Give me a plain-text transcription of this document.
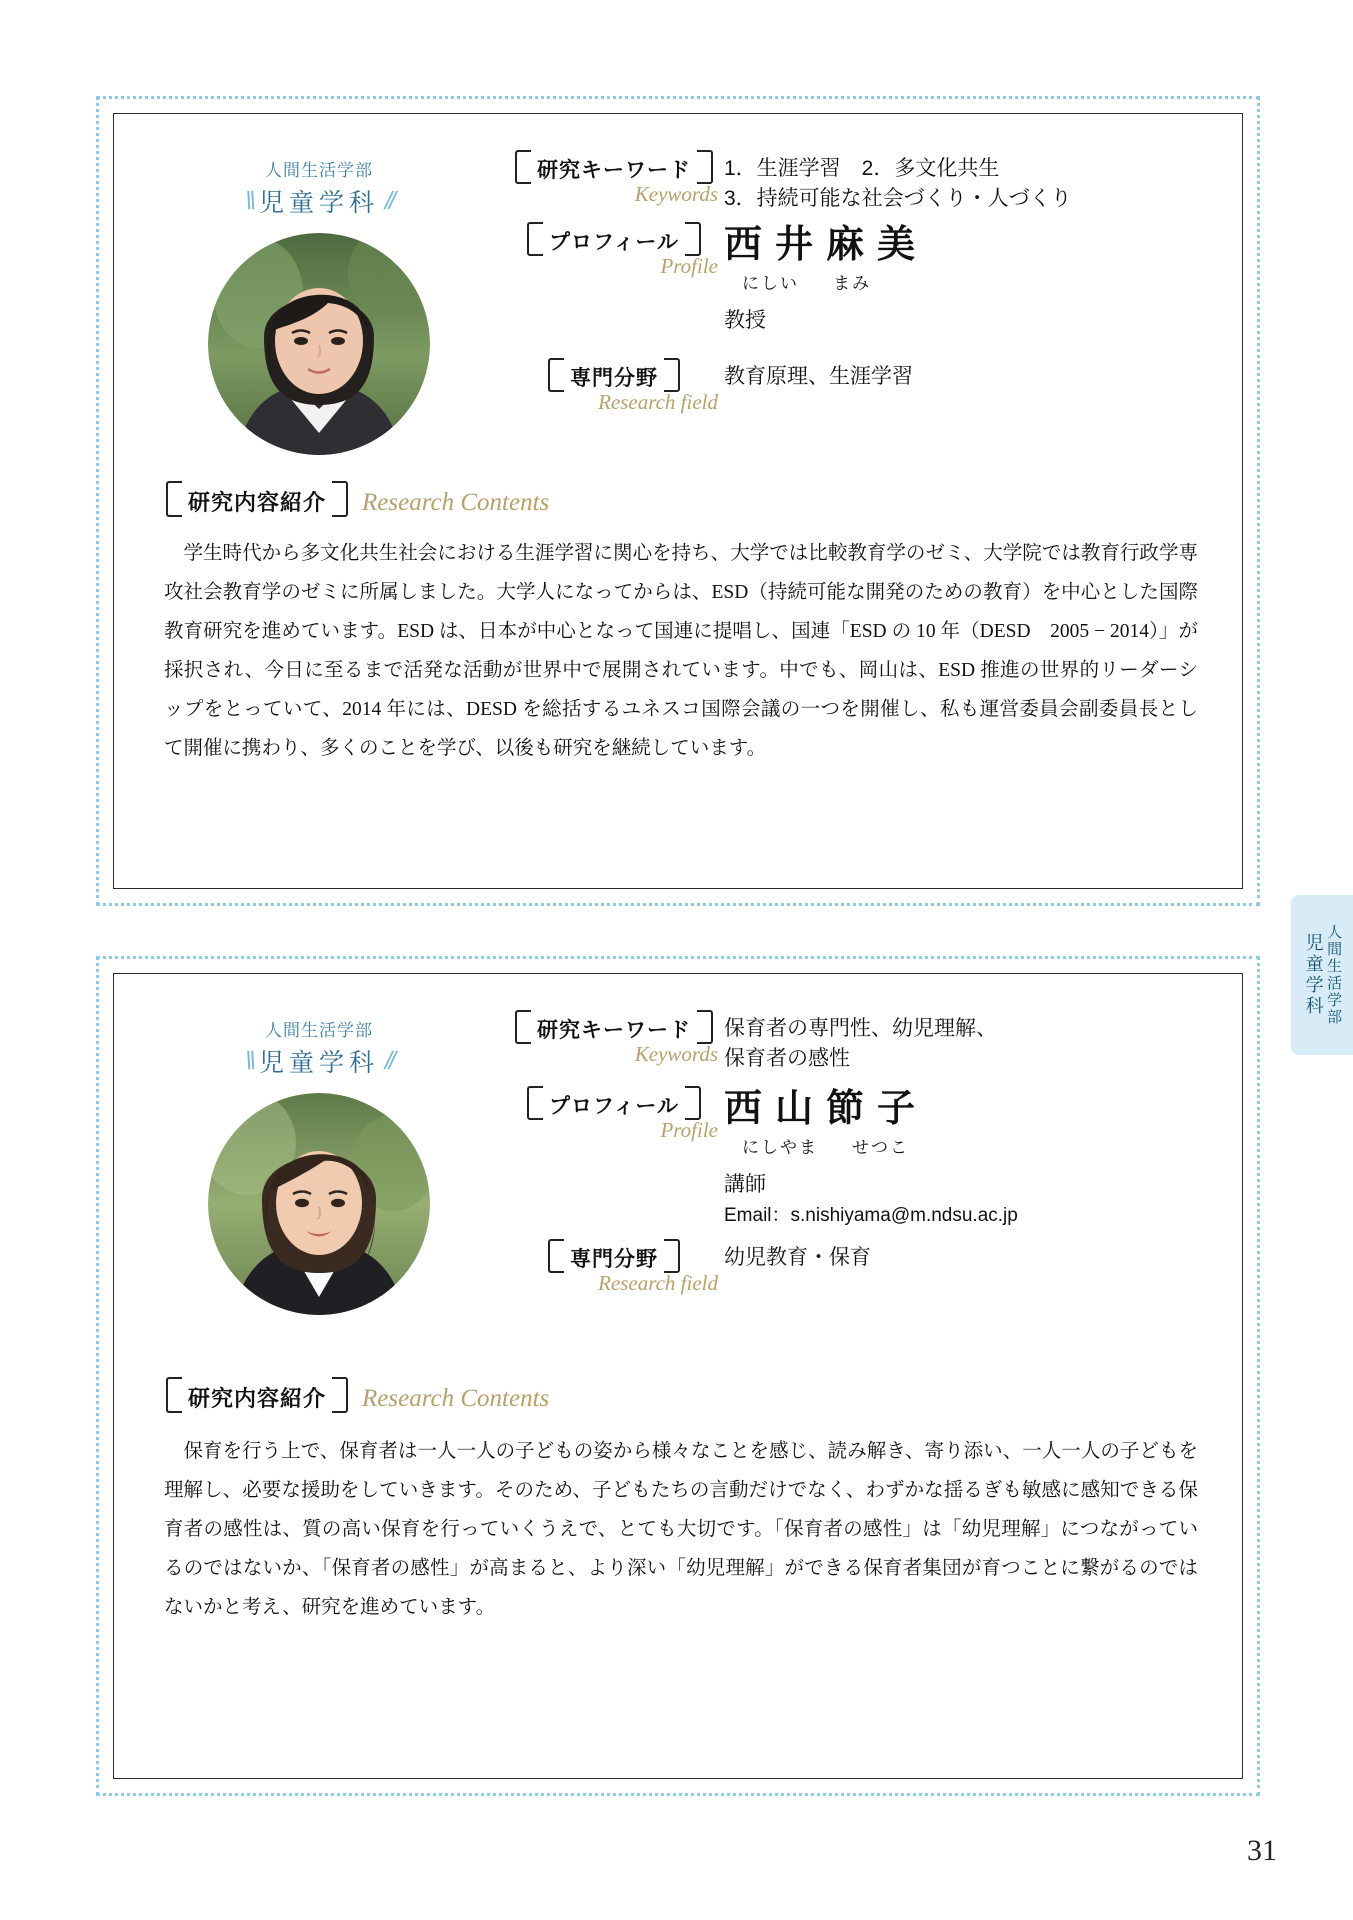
人間生活学部
\\ 児童学科 //
研究キーワード
Keywords
1．生涯学習　2．多文化共生
3．持続可能な社会づくり・人づくり
プロフィール
Profile 西井麻美
にしい まみ
教授
専門分野
Research field
教育原理、生涯学習
研究内容紹介	Research Contents
学生時代から多文化共生社会における生涯学習に関心を持ち、大学では比較教育学のゼミ、大学院では教育行政学専攻社会教育学のゼミに所属しました。大学人になってからは、ESD（持続可能な開発のための教育）を中心とした国際教育研究を進めています。ESD は、日本が中心となって国連に提唱し、国連「ESD の 10 年（DESD　2005 − 2014）」が採択され、今日に至るまで活発な活動が世界中で展開されています。中でも、岡山は、ESD 推進の世界的リーダーシップをとっていて、2014 年には、DESD を総括するユネスコ国際会議の一つを開催し、私も運営委員会副委員長として開催に携わり、多くのことを学び、以後も研究を継続しています。
人間生活学部
\\ 児童学科 //
研究キーワード
Keywords
保育者の専門性、幼児理解、
保育者の感性
プロフィール
Profile 西山節子
にしやま せつこ
講師
Email：s.nishiyama@m.ndsu.ac.jp
専門分野
Research field
幼児教育・保育
研究内容紹介	Research Contents
保育を行う上で、保育者は一人一人の子どもの姿から様々なことを感じ、読み解き、寄り添い、一人一人の子どもを理解し、必要な援助をしていきます。そのため、子どもたちの言動だけでなく、わずかな揺るぎも敏感に感知できる保育者の感性は、質の高い保育を行っていくうえで、とても大切です。「保育者の感性」は「幼児理解」につながっているのではないか、「保育者の感性」が高まると、より深い「幼児理解」ができる保育者集団が育つことに繋がるのではないかと考え、研究を進めています。
人間生活学部
児童学科
31
